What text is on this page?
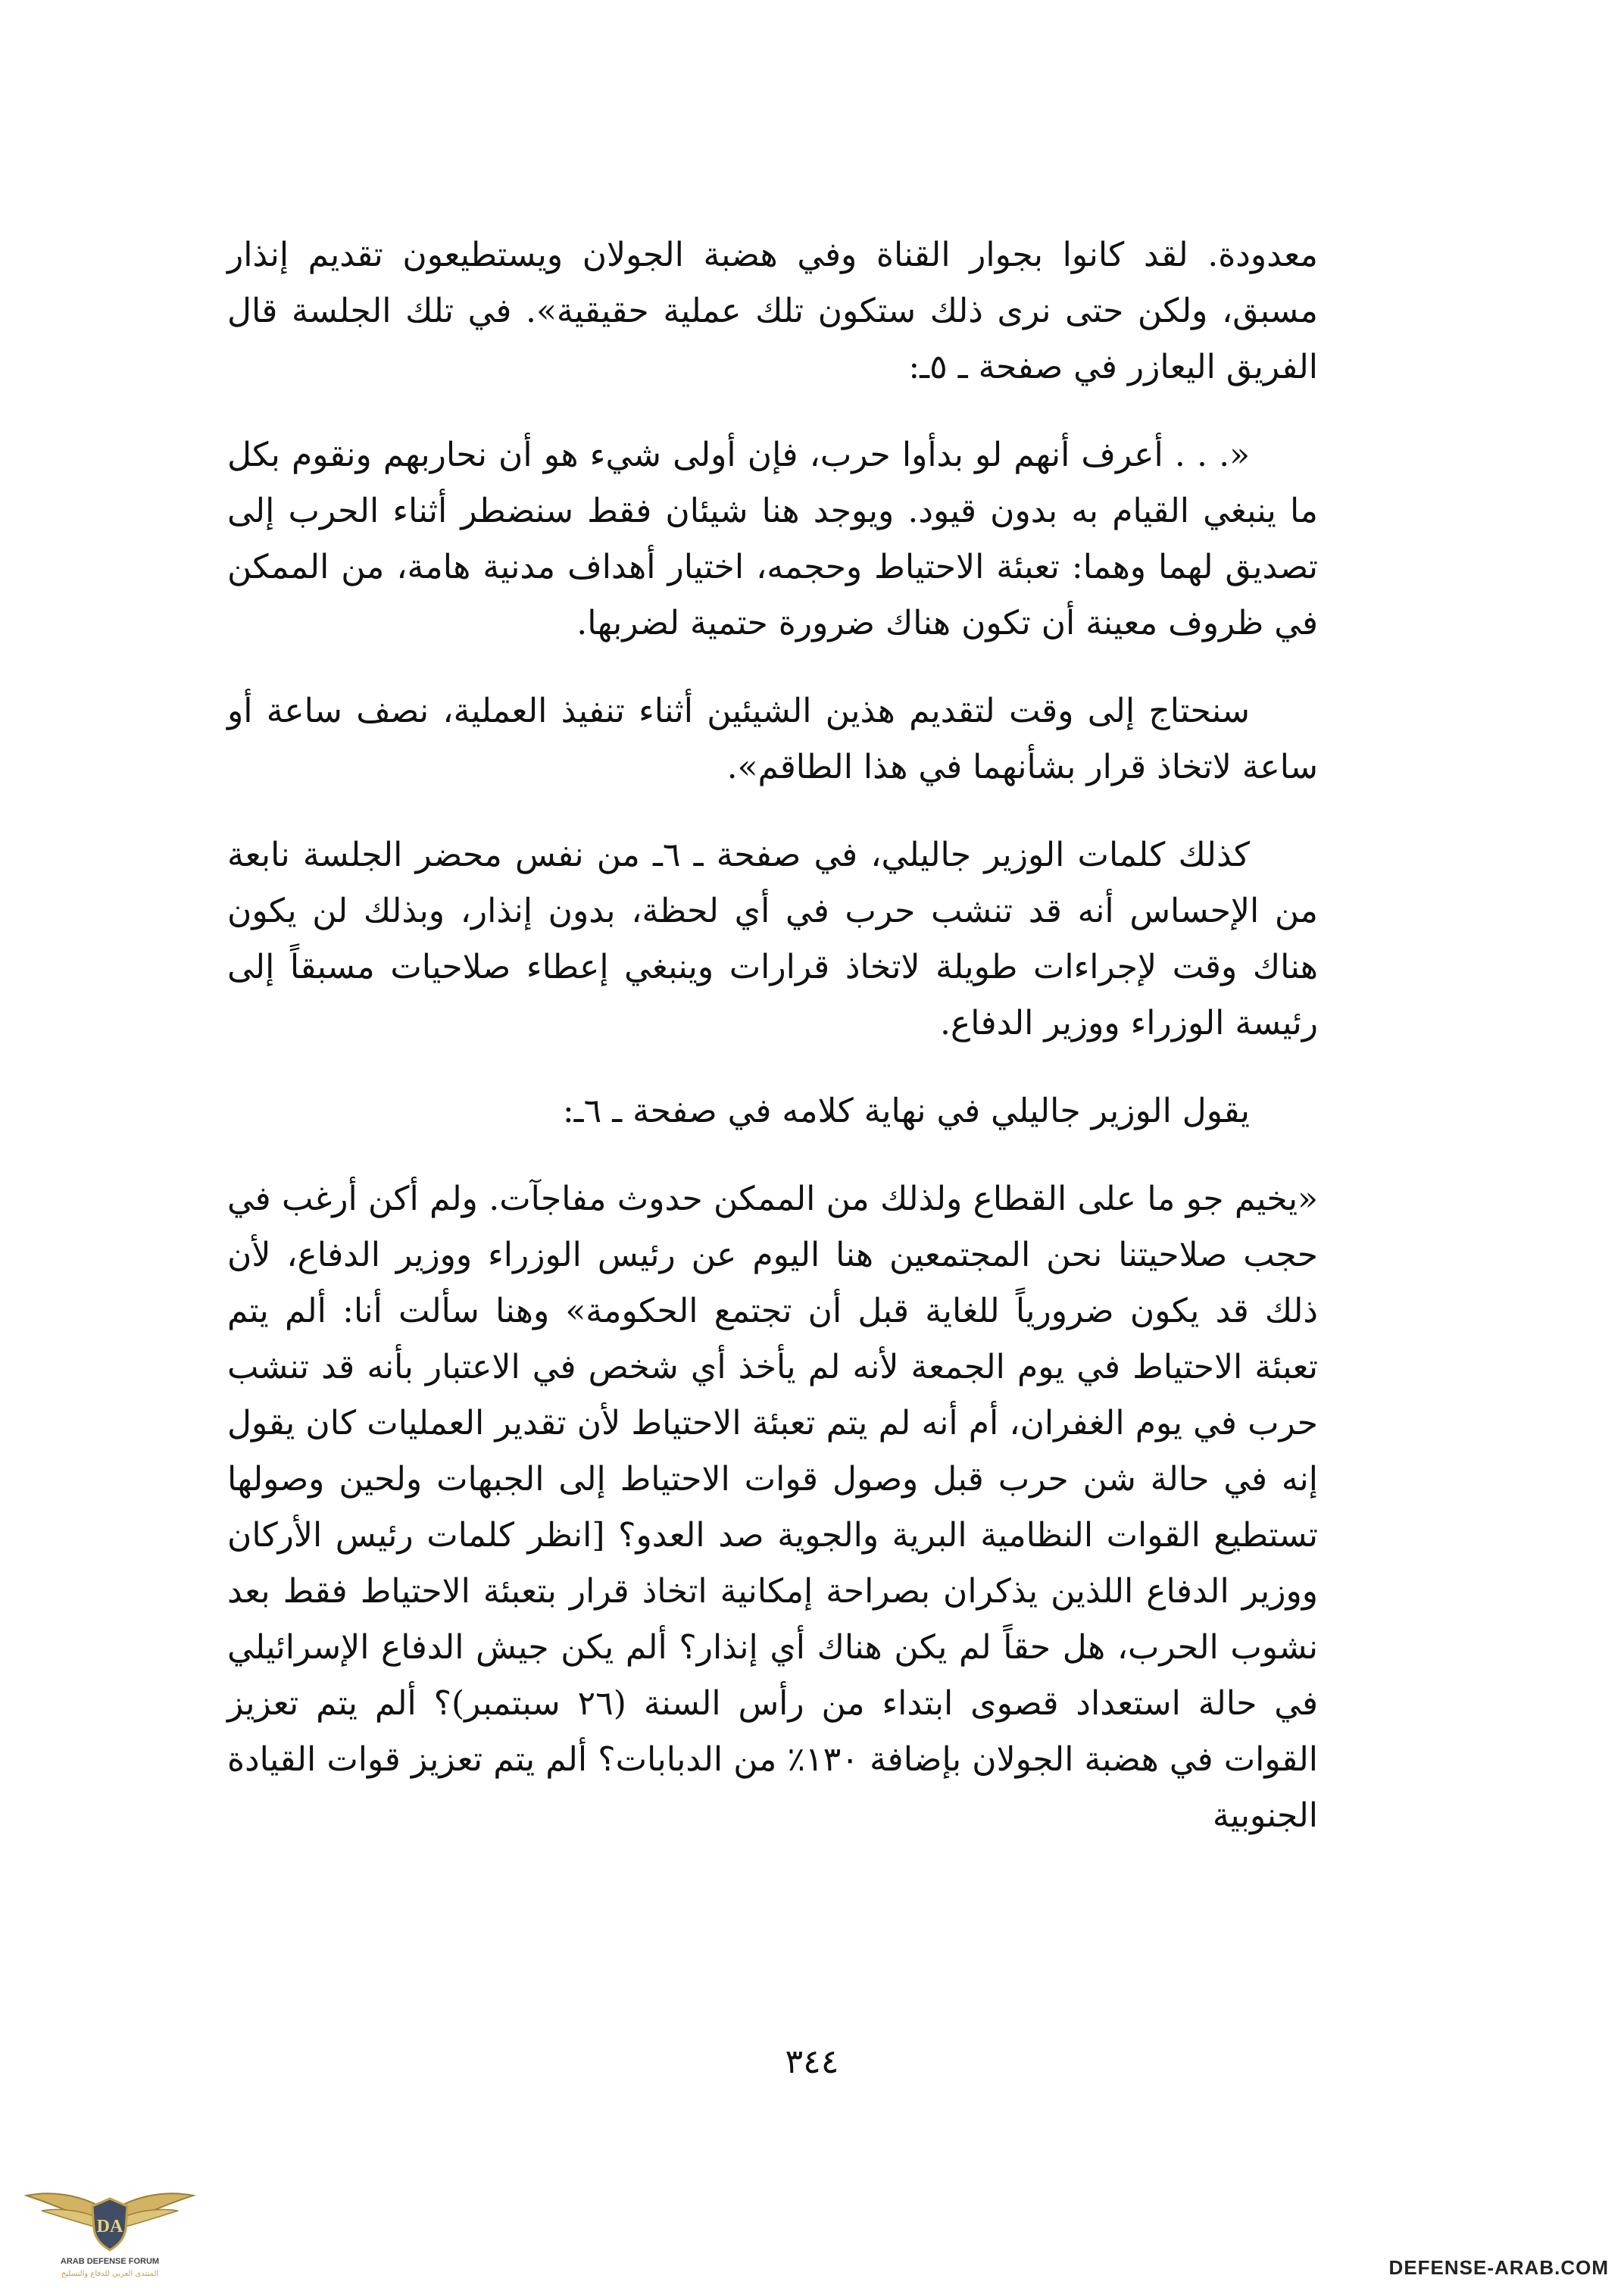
معدودة. لقد كانوا بجوار القناة وفي هضبة الجولان ويستطيعون تقديم إنذار مسبق، ولكن حتى نرى ذلك ستكون تلك عملية حقيقية». في تلك الجلسة قال الفريق اليعازر في صفحة ـ ٥ـ:

«. . . أعرف أنهم لو بدأوا حرب، فإن أولى شيء هو أن نحاربهم ونقوم بكل ما ينبغي القيام به بدون قيود. ويوجد هنا شيئان فقط سنضطر أثناء الحرب إلى تصديق لهما وهما: تعبئة الاحتياط وحجمه، اختيار أهداف مدنية هامة، من الممكن في ظروف معينة أن تكون هناك ضرورة حتمية لضربها.

سنحتاج إلى وقت لتقديم هذين الشيئين أثناء تنفيذ العملية، نصف ساعة أو ساعة لاتخاذ قرار بشأنهما في هذا الطاقم».

كذلك كلمات الوزير جاليلي، في صفحة ـ ٦ـ من نفس محضر الجلسة نابعة من الإحساس أنه قد تنشب حرب في أي لحظة، بدون إنذار، وبذلك لن يكون هناك وقت لإجراءات طويلة لاتخاذ قرارات وينبغي إعطاء صلاحيات مسبقاً إلى رئيسة الوزراء ووزير الدفاع.

يقول الوزير جاليلي في نهاية كلامه في صفحة ـ ٦ـ:

«يخيم جو ما على القطاع ولذلك من الممكن حدوث مفاجآت. ولم أكن أرغب في حجب صلاحيتنا نحن المجتمعين هنا اليوم عن رئيس الوزراء ووزير الدفاع، لأن ذلك قد يكون ضرورياً للغاية قبل أن تجتمع الحكومة» وهنا سألت أنا: ألم يتم تعبئة الاحتياط في يوم الجمعة لأنه لم يأخذ أي شخص في الاعتبار بأنه قد تنشب حرب في يوم الغفران، أم أنه لم يتم تعبئة الاحتياط لأن تقدير العمليات كان يقول إنه في حالة شن حرب قبل وصول قوات الاحتياط إلى الجبهات ولحين وصولها تستطيع القوات النظامية البرية والجوية صد العدو؟ [انظر كلمات رئيس الأركان ووزير الدفاع اللذين يذكران بصراحة إمكانية اتخاذ قرار بتعبئة الاحتياط فقط بعد نشوب الحرب، هل حقاً لم يكن هناك أي إنذار؟ ألم يكن جيش الدفاع الإسرائيلي في حالة استعداد قصوى ابتداء من رأس السنة (٢٦ سبتمبر)؟ ألم يتم تعزيز القوات في هضبة الجولان بإضافة ١٣٠٪ من الدبابات؟ ألم يتم تعزيز قوات القيادة الجنوبية

٣٤٤
DA
ARAB DEFENSE FORUM
المنتدى العربي للدفاع والتسليح	DEFENSE-ARAB.COM
